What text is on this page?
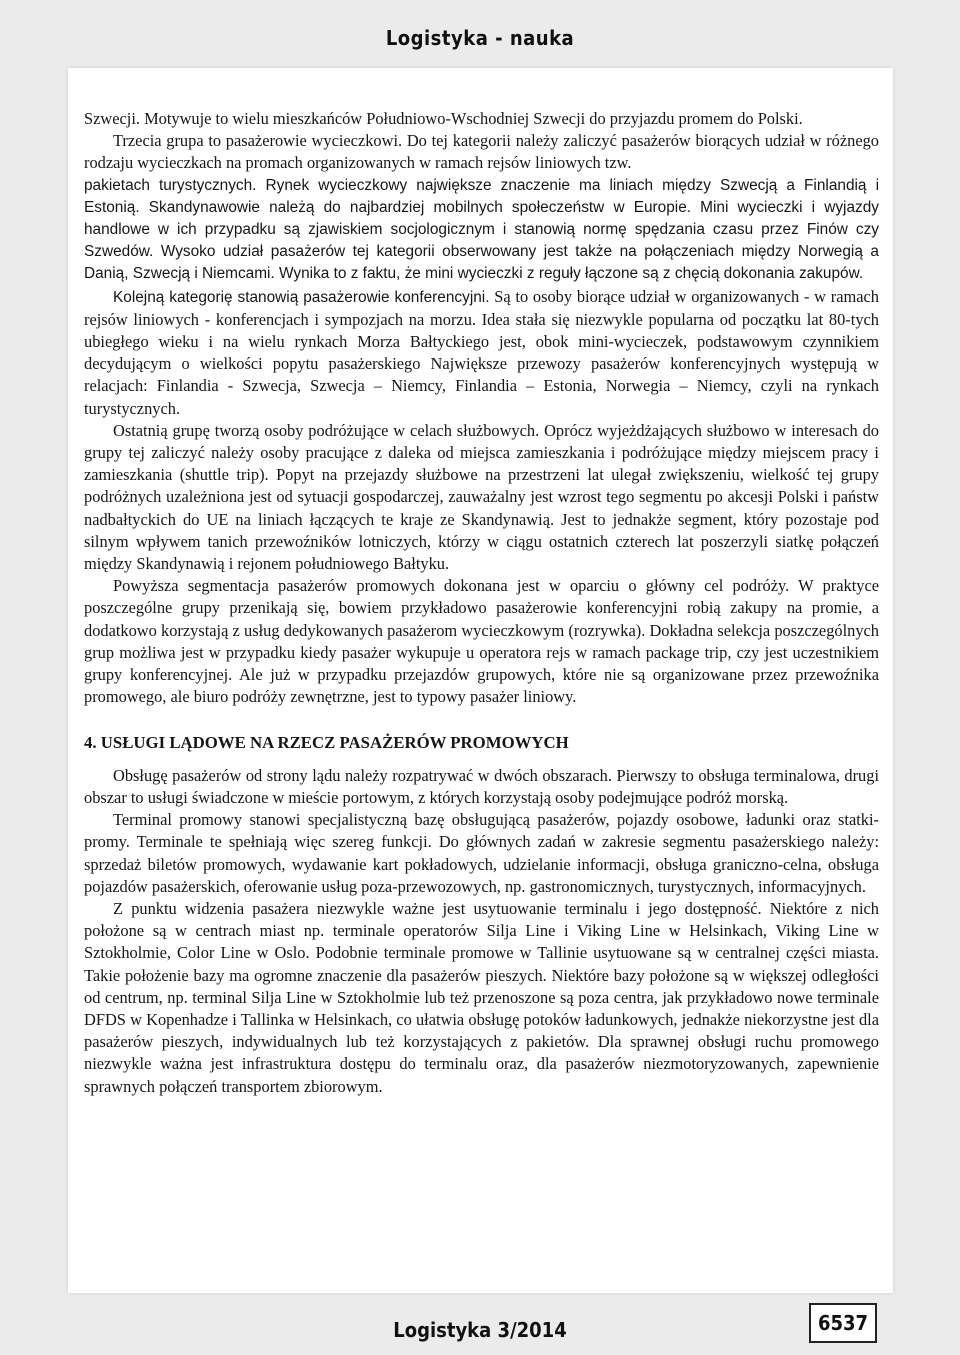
Logistyka - nauka

Szwecji. Motywuje to wielu mieszkańców Południowo-Wschodniej Szwecji do przyjazdu promem do Polski.

Trzecia grupa to pasażerowie wycieczkowi. Do tej kategorii należy zaliczyć pasażerów biorących udział w różnego rodzaju wycieczkach na promach organizowanych w ramach rejsów liniowych tzw.

pakietach turystycznych. Rynek wycieczkowy największe znaczenie ma liniach między Szwecją a Finlandią i Estonią. Skandynawowie należą do najbardziej mobilnych społeczeństw w Europie. Mini wycieczki i wyjazdy handlowe w ich przypadku są zjawiskiem socjologicznym i stanowią normę spędzania czasu przez Finów czy Szwedów. Wysoko udział pasażerów tej kategorii obserwowany jest także na połączeniach między Norwegią a Danią, Szwecją i Niemcami. Wynika to z faktu, że mini wycieczki z reguły łączone są z chęcią dokonania zakupów.

Kolejną kategorię stanowią pasażerowie konferencyjni. Są to osoby biorące udział w organizowanych - w ramach rejsów liniowych - konferencjach i sympozjach na morzu. Idea stała się niezwykle popularna od początku lat 80-tych ubiegłego wieku i na wielu rynkach Morza Bałtyckiego jest, obok mini-wycieczek, podstawowym czynnikiem decydującym o wielkości popytu pasażerskiego Największe przewozy pasażerów konferencyjnych występują w relacjach: Finlandia - Szwecja, Szwecja – Niemcy, Finlandia – Estonia, Norwegia – Niemcy, czyli na rynkach turystycznych.

Ostatnią grupę tworzą osoby podróżujące w celach służbowych. Oprócz wyjeżdżających służbowo w interesach do grupy tej zaliczyć należy osoby pracujące z daleka od miejsca zamieszkania i podróżujące między miejscem pracy i zamieszkania (shuttle trip). Popyt na przejazdy służbowe na przestrzeni lat ulegał zwiększeniu, wielkość tej grupy podróżnych uzależniona jest od sytuacji gospodarczej, zauważalny jest wzrost tego segmentu po akcesji Polski i państw nadbałtyckich do UE na liniach łączących te kraje ze Skandynawią. Jest to jednakże segment, który pozostaje pod silnym wpływem tanich przewoźników lotniczych, którzy w ciągu ostatnich czterech lat poszerzyli siatkę połączeń między Skandynawią i rejonem południowego Bałtyku.

Powyższa segmentacja pasażerów promowych dokonana jest w oparciu o główny cel podróży. W praktyce poszczególne grupy przenikają się, bowiem przykładowo pasażerowie konferencyjni robią zakupy na promie, a dodatkowo korzystają z usług dedykowanych pasażerom wycieczkowym (rozrywka). Dokładna selekcja poszczególnych grup możliwa jest w przypadku kiedy pasażer wykupuje u operatora rejs w ramach package trip, czy jest uczestnikiem grupy konferencyjnej. Ale już w przypadku przejazdów grupowych, które nie są organizowane przez przewoźnika promowego, ale biuro podróży zewnętrzne, jest to typowy pasażer liniowy.

4. USŁUGI LĄDOWE NA RZECZ PASAŻERÓW PROMOWYCH

Obsługę pasażerów od strony lądu należy rozpatrywać w dwóch obszarach. Pierwszy to obsługa terminalowa, drugi obszar to usługi świadczone w mieście portowym, z których korzystają osoby podejmujące podróż morską.

Terminal promowy stanowi specjalistyczną bazę obsługującą pasażerów, pojazdy osobowe, ładunki oraz statki-promy. Terminale te spełniają więc szereg funkcji. Do głównych zadań w zakresie segmentu pasażerskiego należy: sprzedaż biletów promowych, wydawanie kart pokładowych, udzielanie informacji, obsługa graniczno-celna, obsługa pojazdów pasażerskich, oferowanie usług poza-przewozowych, np. gastronomicznych, turystycznych, informacyjnych.

Z punktu widzenia pasażera niezwykle ważne jest usytuowanie terminalu i jego dostępność. Niektóre z nich położone są w centrach miast np. terminale operatorów Silja Line i Viking Line w Helsinkach, Viking Line w Sztokholmie, Color Line w Oslo. Podobnie terminale promowe w Tallinie usytuowane są w centralnej części miasta. Takie położenie bazy ma ogromne znaczenie dla pasażerów pieszych. Niektóre bazy położone są w większej odległości od centrum, np. terminal Silja Line w Sztokholmie lub też przenoszone są poza centra, jak przykładowo nowe terminale DFDS w Kopenhadze i Tallinka w Helsinkach, co ułatwia obsługę potoków ładunkowych, jednakże niekorzystne jest dla pasażerów pieszych, indywidualnych lub też korzystających z pakietów. Dla sprawnej obsługi ruchu promowego niezwykle ważna jest infrastruktura dostępu do terminalu oraz, dla pasażerów niezmotoryzowanych, zapewnienie sprawnych połączeń transportem zbiorowym.

Logistyka 3/2014	6537
